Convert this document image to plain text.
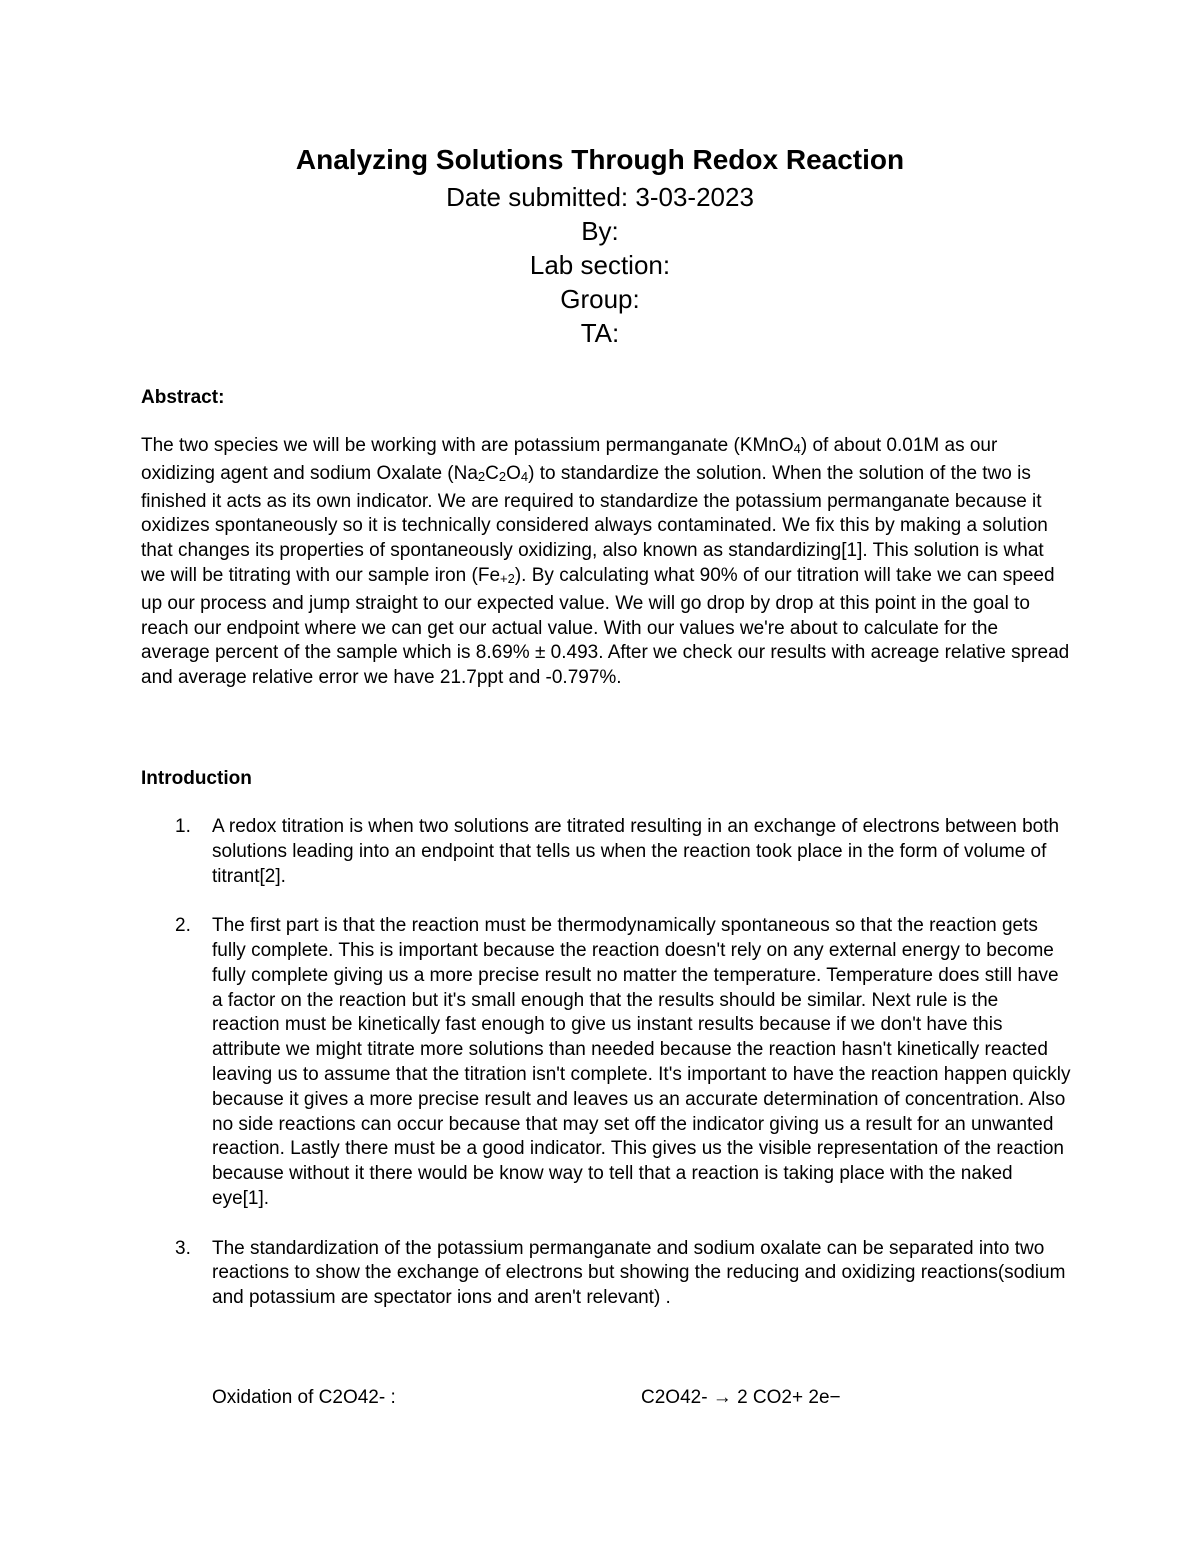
Analyzing Solutions Through Redox Reaction

Date submitted: 3-03-2023

By:

Lab section:

Group:

TA:

Abstract:

The two species we will be working with are potassium permanganate (KMnO$_4$) of about 0.01M as our oxidizing agent and sodium Oxalate $(Na_2C_2O_4)$ to standardize the solution. When the solution of the two is finished it acts as its own indicator. We are required to standardize the potassium permanganate because it oxidizes spontaneously so it is technically considered always contaminated. We fix this by making a solution that changes its properties of spontaneously oxidizing, also known as standardizing[1]. This solution is what we will be titrating with our sample iron $(Fe_{+2})$. By calculating what 90% of our titration will take we can speed up our process and jump straight to our expected value. We will go drop by drop at this point in the goal to reach our endpoint where we can get our actual value. With our values we're about to calculate for the average percent of the sample which is 8.69% ± 0.493. After we check our results with acreage relative spread and average relative error we have 21.7ppt and -0.797%.

Introduction

1. A redox titration is when two solutions are titrated resulting in an exchange of electrons between both solutions leading into an endpoint that tells us when the reaction took place in the form of volume of titrant[2].
2. The first part is that the reaction must be thermodynamically spontaneous so that the reaction gets fully complete. This is important because the reaction doesn't rely on any external energy to become fully complete giving us a more precise result no matter the temperature. Temperature does still have a factor on the reaction but it's small enough that the results should be similar. Next rule is the reaction must be kinetically fast enough to give us instant results because if we don't have this attribute we might titrate more solutions than needed because the reaction hasn't kinetically reacted leaving us to assume that the titration isn't complete. It's important to have the reaction happen quickly because it gives a more precise result and leaves us an accurate determination of concentration. Also no side reactions can occur because that may set off the indicator giving us a result for an unwanted reaction. Lastly there must be a good indicator. This gives us the visible representation of the reaction because without it there would be know way to tell that a reaction is taking place with the naked eye[1].
3. The standardization of the potassium permanganate and sodium oxalate can be separated into two reactions to show the exchange of electrons but showing the reducing and oxidizing reactions(sodium and potassium are spectator ions and aren't relevant) .
Oxidation of C2O42- :	C2O42- → 2 CO2+ 2e−
